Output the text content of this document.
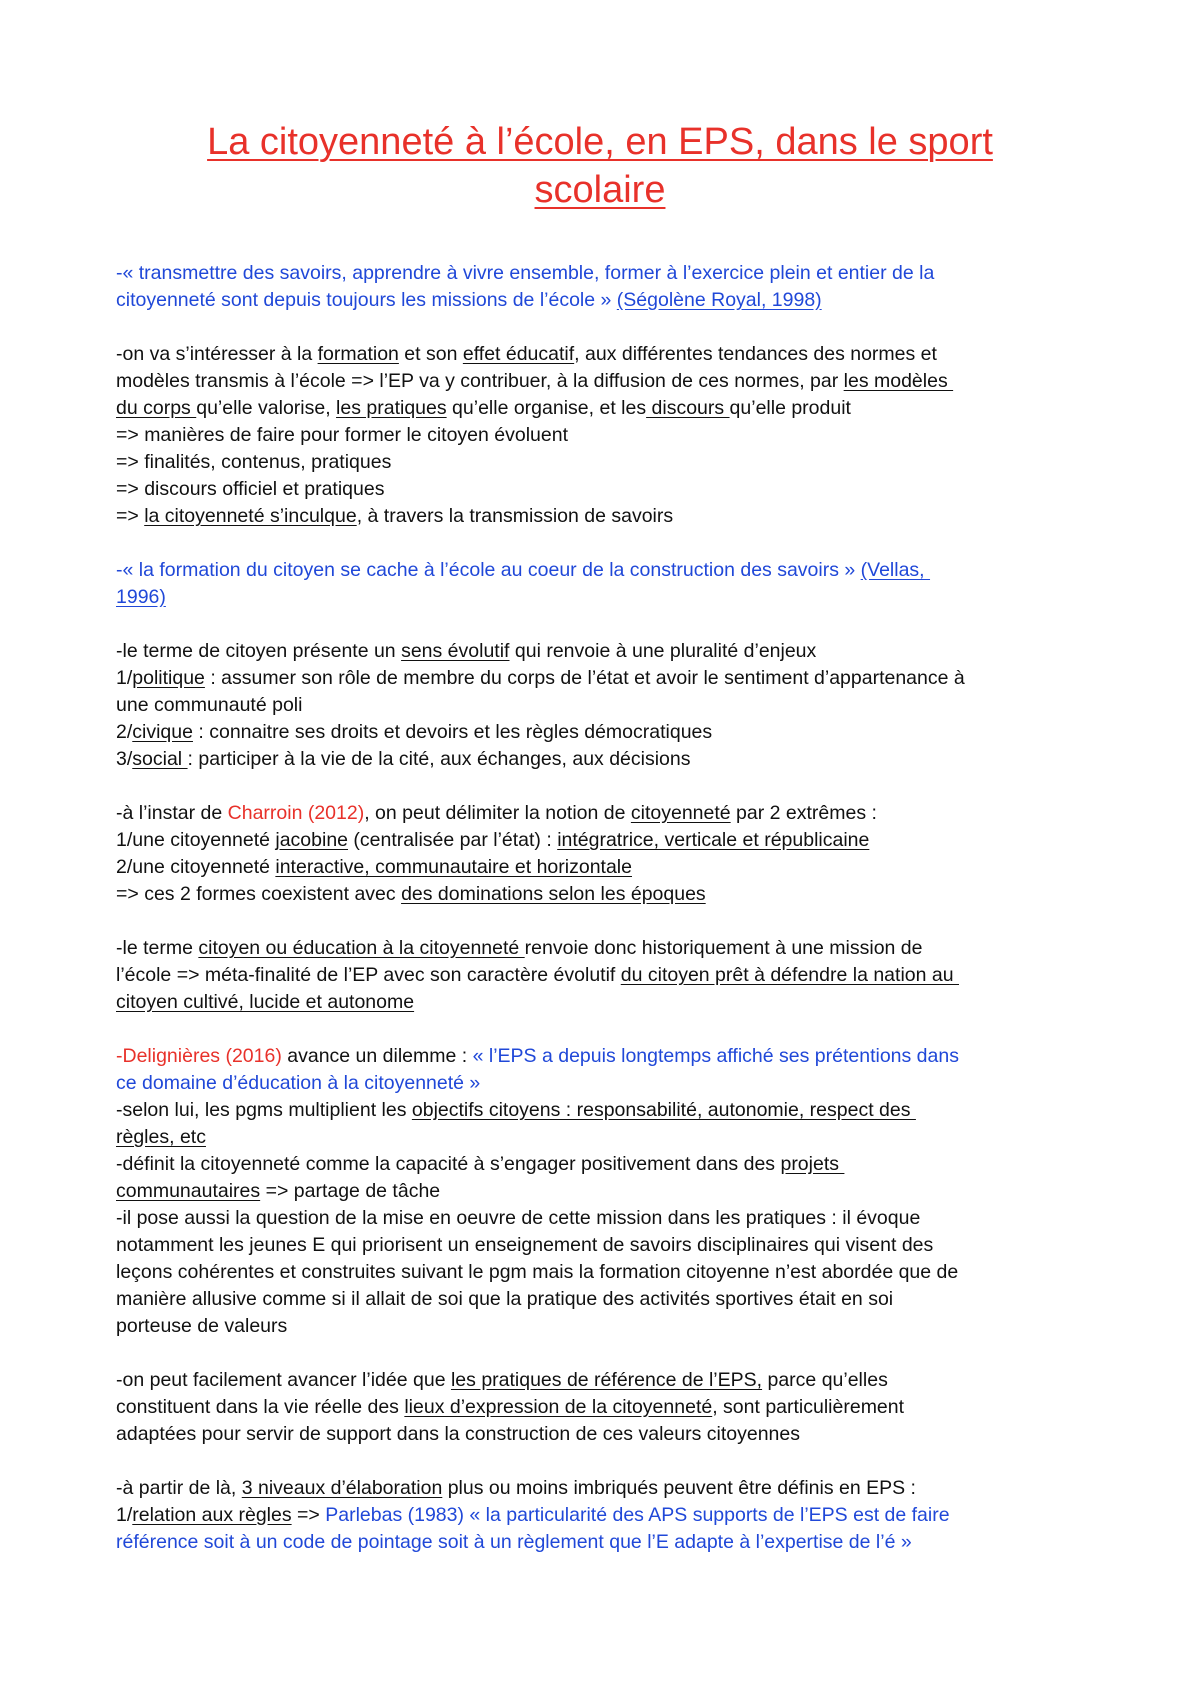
La citoyenneté à l’école, en EPS, dans le sport
scolaire
-« transmettre des savoirs, apprendre à vivre ensemble, former à l’exercice plein et entier de la
citoyenneté sont depuis toujours les missions de l’école » (Ségolène Royal, 1998)
-on va s’intéresser à la formation et son effet éducatif, aux différentes tendances des normes et
modèles transmis à l’école => l’EP va y contribuer, à la diffusion de ces normes, par les modèles
du corps qu’elle valorise, les pratiques qu’elle organise, et les discours qu’elle produit
=> manières de faire pour former le citoyen évoluent
=> finalités, contenus, pratiques
=> discours officiel et pratiques
=> la citoyenneté s’inculque, à travers la transmission de savoirs
-« la formation du citoyen se cache à l’école au coeur de la construction des savoirs » (Vellas,
1996)
-le terme de citoyen présente un sens évolutif qui renvoie à une pluralité d’enjeux
1/politique : assumer son rôle de membre du corps de l’état et avoir le sentiment d’appartenance à
une communauté poli
2/civique : connaitre ses droits et devoirs et les règles démocratiques
3/social : participer à la vie de la cité, aux échanges, aux décisions
-à l’instar de Charroin (2012), on peut délimiter la notion de citoyenneté par 2 extrêmes :
1/une citoyenneté jacobine (centralisée par l’état) : intégratrice, verticale et républicaine
2/une citoyenneté interactive, communautaire et horizontale
=> ces 2 formes coexistent avec des dominations selon les époques
-le terme citoyen ou éducation à la citoyenneté renvoie donc historiquement à une mission de
l’école => méta-finalité de l’EP avec son caractère évolutif du citoyen prêt à défendre la nation au
citoyen cultivé, lucide et autonome
-Delignières (2016) avance un dilemme : « l’EPS a depuis longtemps affiché ses prétentions dans
ce domaine d’éducation à la citoyenneté »
-selon lui, les pgms multiplient les objectifs citoyens : responsabilité, autonomie, respect des
règles, etc
-définit la citoyenneté comme la capacité à s’engager positivement dans des projets
communautaires => partage de tâche
-il pose aussi la question de la mise en oeuvre de cette mission dans les pratiques : il évoque
notamment les jeunes E qui priorisent un enseignement de savoirs disciplinaires qui visent des
leçons cohérentes et construites suivant le pgm mais la formation citoyenne n’est abordée que de
manière allusive comme si il allait de soi que la pratique des activités sportives était en soi
porteuse de valeurs
-on peut facilement avancer l’idée que les pratiques de référence de l’EPS, parce qu’elles
constituent dans la vie réelle des lieux d’expression de la citoyenneté, sont particulièrement
adaptées pour servir de support dans la construction de ces valeurs citoyennes
-à partir de là, 3 niveaux d’élaboration plus ou moins imbriqués peuvent être définis en EPS :
1/relation aux règles => Parlebas (1983) « la particularité des APS supports de l’EPS est de faire
référence soit à un code de pointage soit à un règlement que l’E adapte à l’expertise de l’é »
